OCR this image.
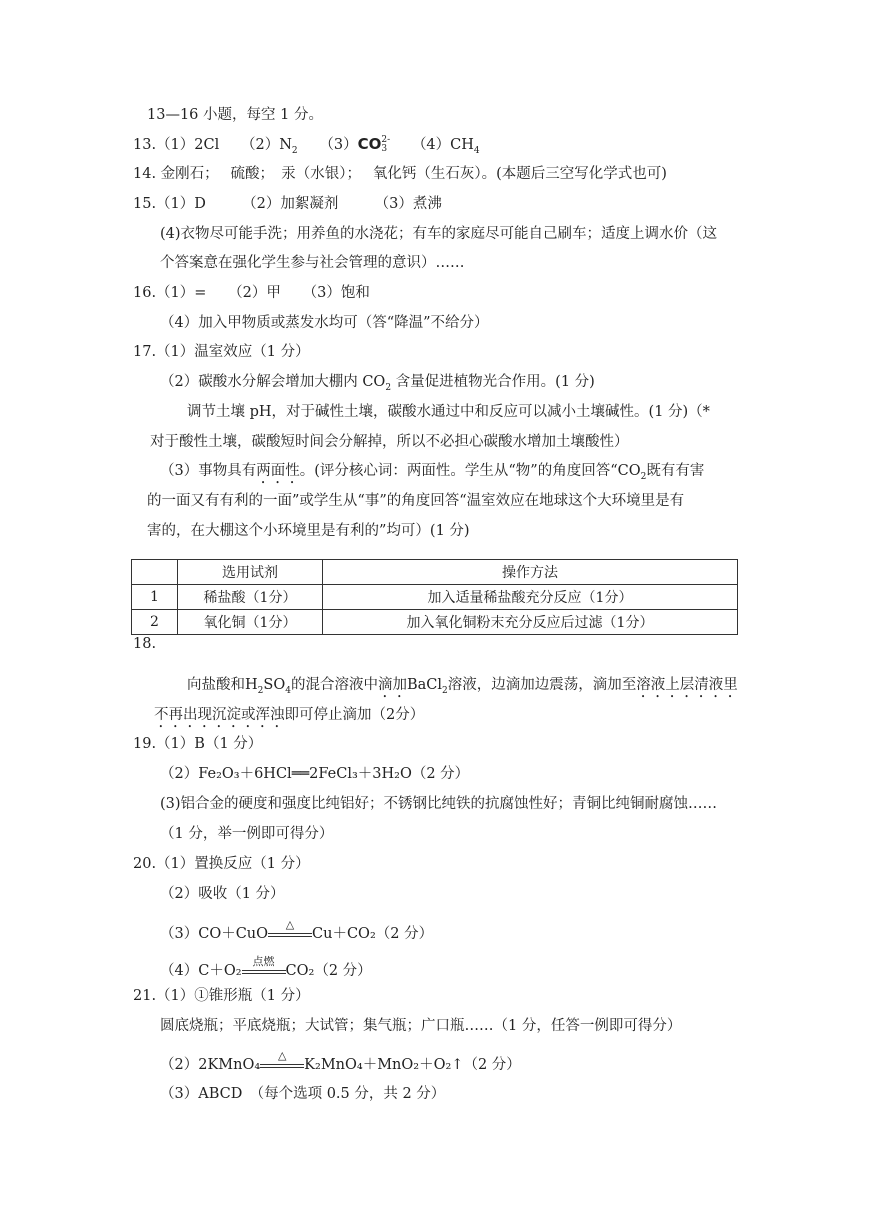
13—16 小题，每空 1 分。
13.（1）2Cl　　 $(2)N_2$　　 （3）CO2-
3　　 $(4)CH_4$
14. 金刚石；　 硫酸；　汞（水银）；　 氧化钙（生石灰）。(本题后三空写化学式也可)
15.（1）D　　　（2）加絮凝剂　　　（3）煮沸
(4)衣物尽可能手洗；用养鱼的水浇花；有车的家庭尽可能自己刷车；适度上调水价（这
个答案意在强化学生参与社会管理的意识）……
16.（1）=　　（2）甲　　（3）饱和
（4）加入甲物质或蒸发水均可（答“降温”不给分）
17.（1）温室效应（1 分）
（2）碳酸水分解会增加大棚内 $CO_2$ 含量促进植物光合作用。(1 分)
调节土壤 pH，对于碱性土壤，碳酸水通过中和反应可以减小土壤碱性。(1 分)（*
对于酸性土壤，碳酸短时间会分解掉，所以不必担心碳酸水增加土壤酸性）
（3）事物具有两面性。(评分核心词：两面性。学生从“物”的角度回答“$CO_2$既有有害
的一面又有有利的一面”或学生从“事”的角度回答“温室效应在地球这个大环境里是有
害的，在大棚这个小环境里是有利的”均可）(1 分)
	选用试剂	操作方法
1	稀盐酸（1分）	加入适量稀盐酸充分反应（1分）
2	氧化铜（1分）	加入氧化铜粉末充分反应后过滤（1分）
18.
向盐酸和$H_2SO_4$的混合溶液中滴加BaCl$_2$溶液，边滴加边震荡，滴加至溶液上层清液里
不再出现沉淀或浑浊即可停止滴加（2分）
19.（1）B（1 分）
（2）Fe₂O₃＋6HCl══2FeCl₃＋3H₂O（2 分）
(3)铝合金的硬度和强度比纯铝好；不锈钢比纯铁的抗腐蚀性好；青铜比纯铜耐腐蚀……
（1 分，举一例即可得分）
20.（1）置换反应（1 分）
（2）吸收（1 分）
（3）CO＋CuO
△
Cu＋CO₂（2 分）
（4）C＋O₂
点燃
CO₂（2 分）
21.（1）①锥形瓶（1 分）
圆底烧瓶；平底烧瓶；大试管；集气瓶；广口瓶……（1 分，任答一例即可得分）
（2）2KMnO₄
△
K₂MnO₄＋MnO₂＋O₂↑（2 分）
（3）ABCD　（每个选项 0.5 分，共 2 分）
